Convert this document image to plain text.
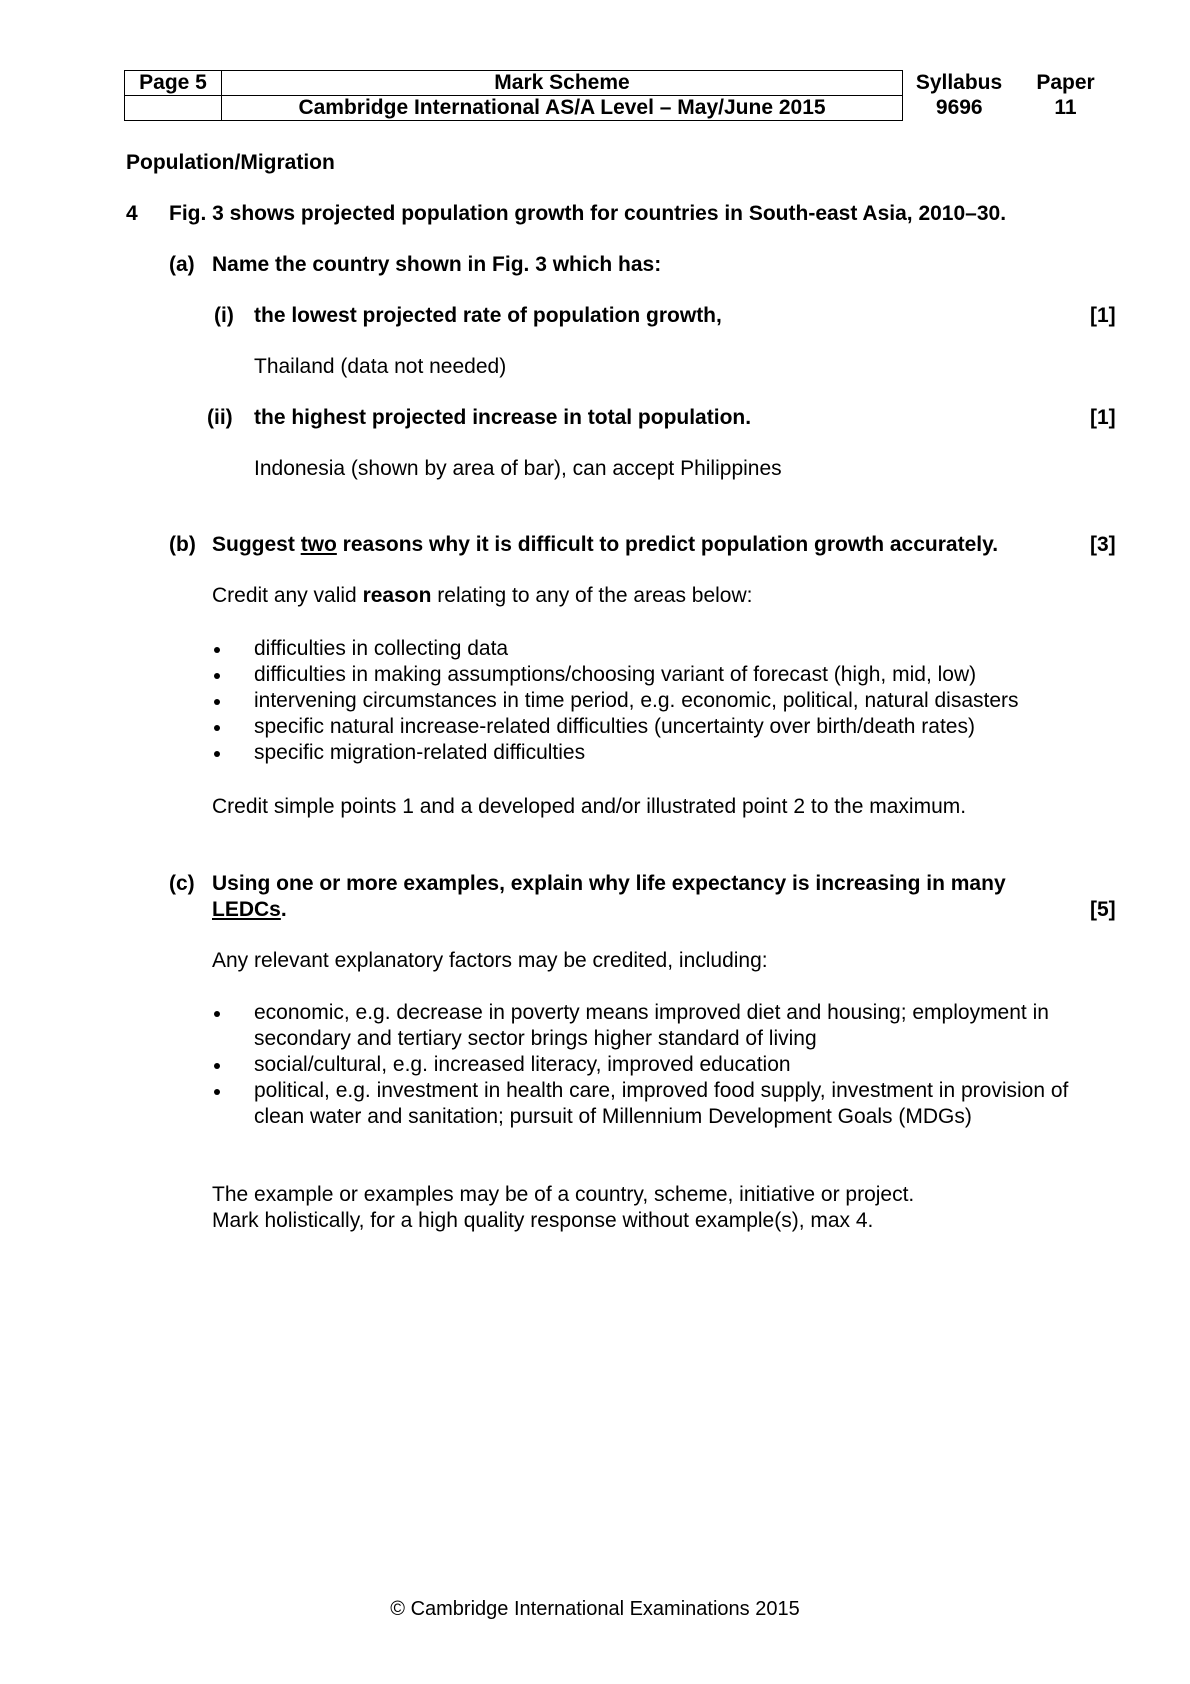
Page 5	Mark Scheme	Syllabus	Paper
	Cambridge International AS/A Level – May/June 2015	9696	11
Population/Migration
4 Fig. 3 shows projected population growth for countries in South-east Asia, 2010–30.
(a) Name the country shown in Fig. 3 which has:
(i) the lowest projected rate of population growth,	[1]
Thailand (data not needed)
(ii) the highest projected increase in total population.	[1]
Indonesia (shown by area of bar), can accept Philippines
(b) Suggest two reasons why it is difficult to predict population growth accurately.	[3]
Credit any valid reason relating to any of the areas below:
difficulties in collecting data
difficulties in making assumptions/choosing variant of forecast (high, mid, low)
intervening circumstances in time period, e.g. economic, political, natural disasters
specific natural increase-related difficulties (uncertainty over birth/death rates)
specific migration-related difficulties
Credit simple points 1 and a developed and/or illustrated point 2 to the maximum.
(c) Using one or more examples, explain why life expectancy is increasing in many
LEDCs.	[5]
Any relevant explanatory factors may be credited, including:
economic, e.g. decrease in poverty means improved diet and housing; employment in secondary and tertiary sector brings higher standard of living
social/cultural, e.g. increased literacy, improved education
political, e.g. investment in health care, improved food supply, investment in provision of clean water and sanitation; pursuit of Millennium Development Goals (MDGs)
The example or examples may be of a country, scheme, initiative or project.
Mark holistically, for a high quality response without example(s), max 4.
© Cambridge International Examinations 2015
